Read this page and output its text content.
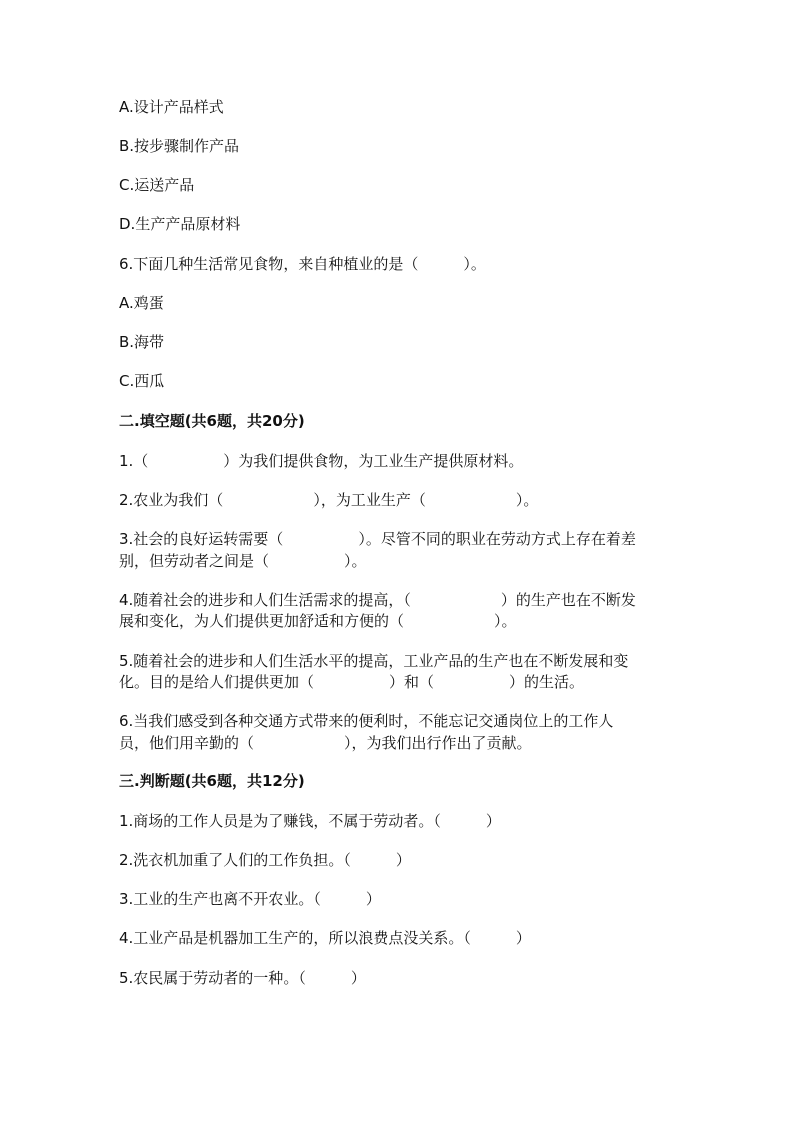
A.设计产品样式
B.按步骤制作产品
C.运送产品
D.生产产品原材料
6.下面几种生活常见食物，来自种植业的是（　　　）。
A.鸡蛋
B.海带
C.西瓜
二.填空题(共6题，共20分)
1.（　　　　　）为我们提供食物，为工业生产提供原材料。
2.农业为我们（　　　　　　），为工业生产（　　　　　　）。
3.社会的良好运转需要（　　　　　）。尽管不同的职业在劳动方式上存在着差
别，但劳动者之间是（　　　　　）。
4.随着社会的进步和人们生活需求的提高，（　　　　　　）的生产也在不断发
展和变化，为人们提供更加舒适和方便的（　　　　　　）。
5.随着社会的进步和人们生活水平的提高，工业产品的生产也在不断发展和变
化。目的是给人们提供更加（　　　　　）和（　　　　　）的生活。
6.当我们感受到各种交通方式带来的便利时，不能忘记交通岗位上的工作人
员，他们用辛勤的（　　　　　　），为我们出行作出了贡献。
三.判断题(共6题，共12分)
1.商场的工作人员是为了赚钱，不属于劳动者。（　　　）
2.洗衣机加重了人们的工作负担。（　　　）
3.工业的生产也离不开农业。（　　　）
4.工业产品是机器加工生产的，所以浪费点没关系。（　　　）
5.农民属于劳动者的一种。（　　　）
